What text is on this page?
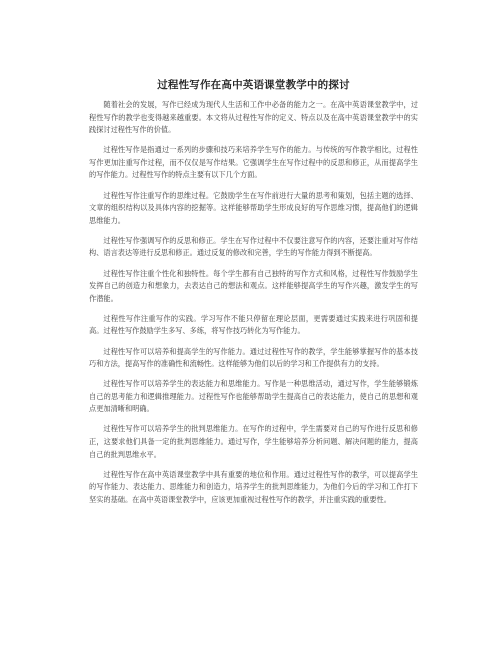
过程性写作在高中英语课堂教学中的探讨

随着社会的发展，写作已经成为现代人生活和工作中必备的能力之一。在高中英语课堂教学中，过程性写作的教学也变得越来越重要。本文将从过程性写作的定义、特点以及在高中英语课堂教学中的实践探讨过程性写作的价值。

过程性写作是指通过一系列的步骤和技巧来培养学生写作的能力。与传统的写作教学相比，过程性写作更加注重写作过程，而不仅仅是写作结果。它强调学生在写作过程中的反思和修正，从而提高学生的写作能力。过程性写作的特点主要有以下几个方面。

过程性写作注重写作的思维过程。它鼓励学生在写作前进行大量的思考和策划，包括主题的选择、文章的组织结构以及具体内容的挖掘等。这样能够帮助学生形成良好的写作思维习惯，提高他们的逻辑思维能力。

过程性写作强调写作的反思和修正。学生在写作过程中不仅要注意写作的内容，还要注重对写作结构、语言表达等进行反思和修正。通过反复的修改和完善，学生的写作能力得到不断提高。

过程性写作注重个性化和独特性。每个学生都有自己独特的写作方式和风格，过程性写作鼓励学生发挥自己的创造力和想象力，去表达自己的想法和观点。这样能够提高学生的写作兴趣，激发学生的写作潜能。

过程性写作注重写作的实践。学习写作不能只停留在理论层面，更需要通过实践来进行巩固和提高。过程性写作鼓励学生多写、多练，将写作技巧转化为写作能力。

过程性写作可以培养和提高学生的写作能力。通过过程性写作的教学，学生能够掌握写作的基本技巧和方法，提高写作的准确性和流畅性。这样能够为他们以后的学习和工作提供有力的支持。

过程性写作可以培养学生的表达能力和思维能力。写作是一种思维活动，通过写作，学生能够锻炼自己的思考能力和逻辑推理能力。过程性写作也能够帮助学生提高自己的表达能力，使自己的思想和观点更加清晰和明确。

过程性写作可以培养学生的批判思维能力。在写作的过程中，学生需要对自己的写作进行反思和修正，这要求他们具备一定的批判思维能力。通过写作，学生能够培养分析问题、解决问题的能力，提高自己的批判思维水平。

过程性写作在高中英语课堂教学中具有重要的地位和作用。通过过程性写作的教学，可以提高学生的写作能力、表达能力、思维能力和创造力，培养学生的批判思维能力，为他们今后的学习和工作打下坚实的基础。在高中英语课堂教学中，应该更加重视过程性写作的教学，并注重实践的重要性。
